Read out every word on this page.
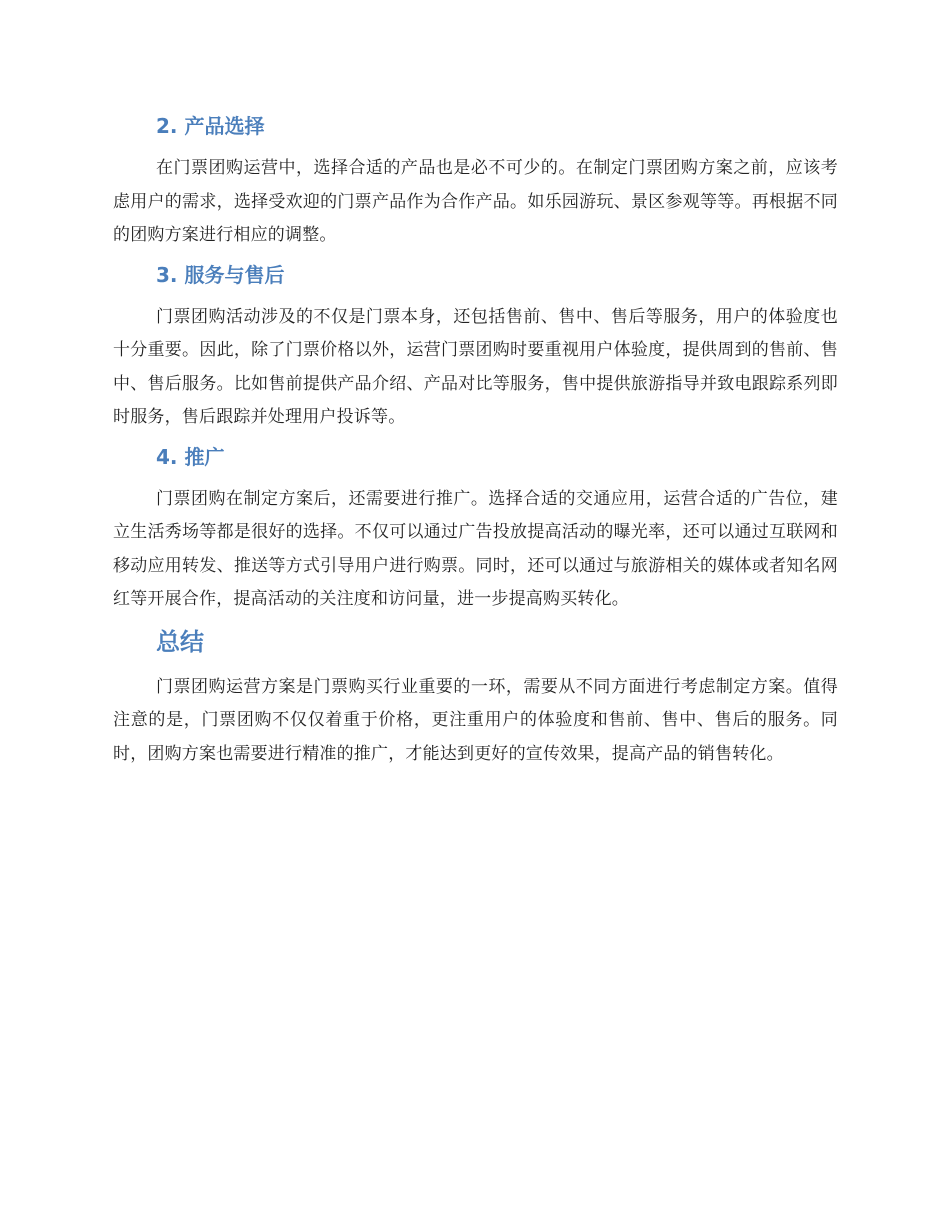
2. 产品选择

在门票团购运营中，选择合适的产品也是必不可少的。在制定门票团购方案之前，应该考虑用户的需求，选择受欢迎的门票产品作为合作产品。如乐园游玩、景区参观等等。再根据不同的团购方案进行相应的调整。

3. 服务与售后

门票团购活动涉及的不仅是门票本身，还包括售前、售中、售后等服务，用户的体验度也十分重要。因此，除了门票价格以外，运营门票团购时要重视用户体验度，提供周到的售前、售中、售后服务。比如售前提供产品介绍、产品对比等服务，售中提供旅游指导并致电跟踪系列即时服务，售后跟踪并处理用户投诉等。

4. 推广

门票团购在制定方案后，还需要进行推广。选择合适的交通应用，运营合适的广告位，建立生活秀场等都是很好的选择。不仅可以通过广告投放提高活动的曝光率，还可以通过互联网和移动应用转发、推送等方式引导用户进行购票。同时，还可以通过与旅游相关的媒体或者知名网红等开展合作，提高活动的关注度和访问量，进一步提高购买转化。

总结

门票团购运营方案是门票购买行业重要的一环，需要从不同方面进行考虑制定方案。值得注意的是，门票团购不仅仅着重于价格，更注重用户的体验度和售前、售中、售后的服务。同时，团购方案也需要进行精准的推广，才能达到更好的宣传效果，提高产品的销售转化。
